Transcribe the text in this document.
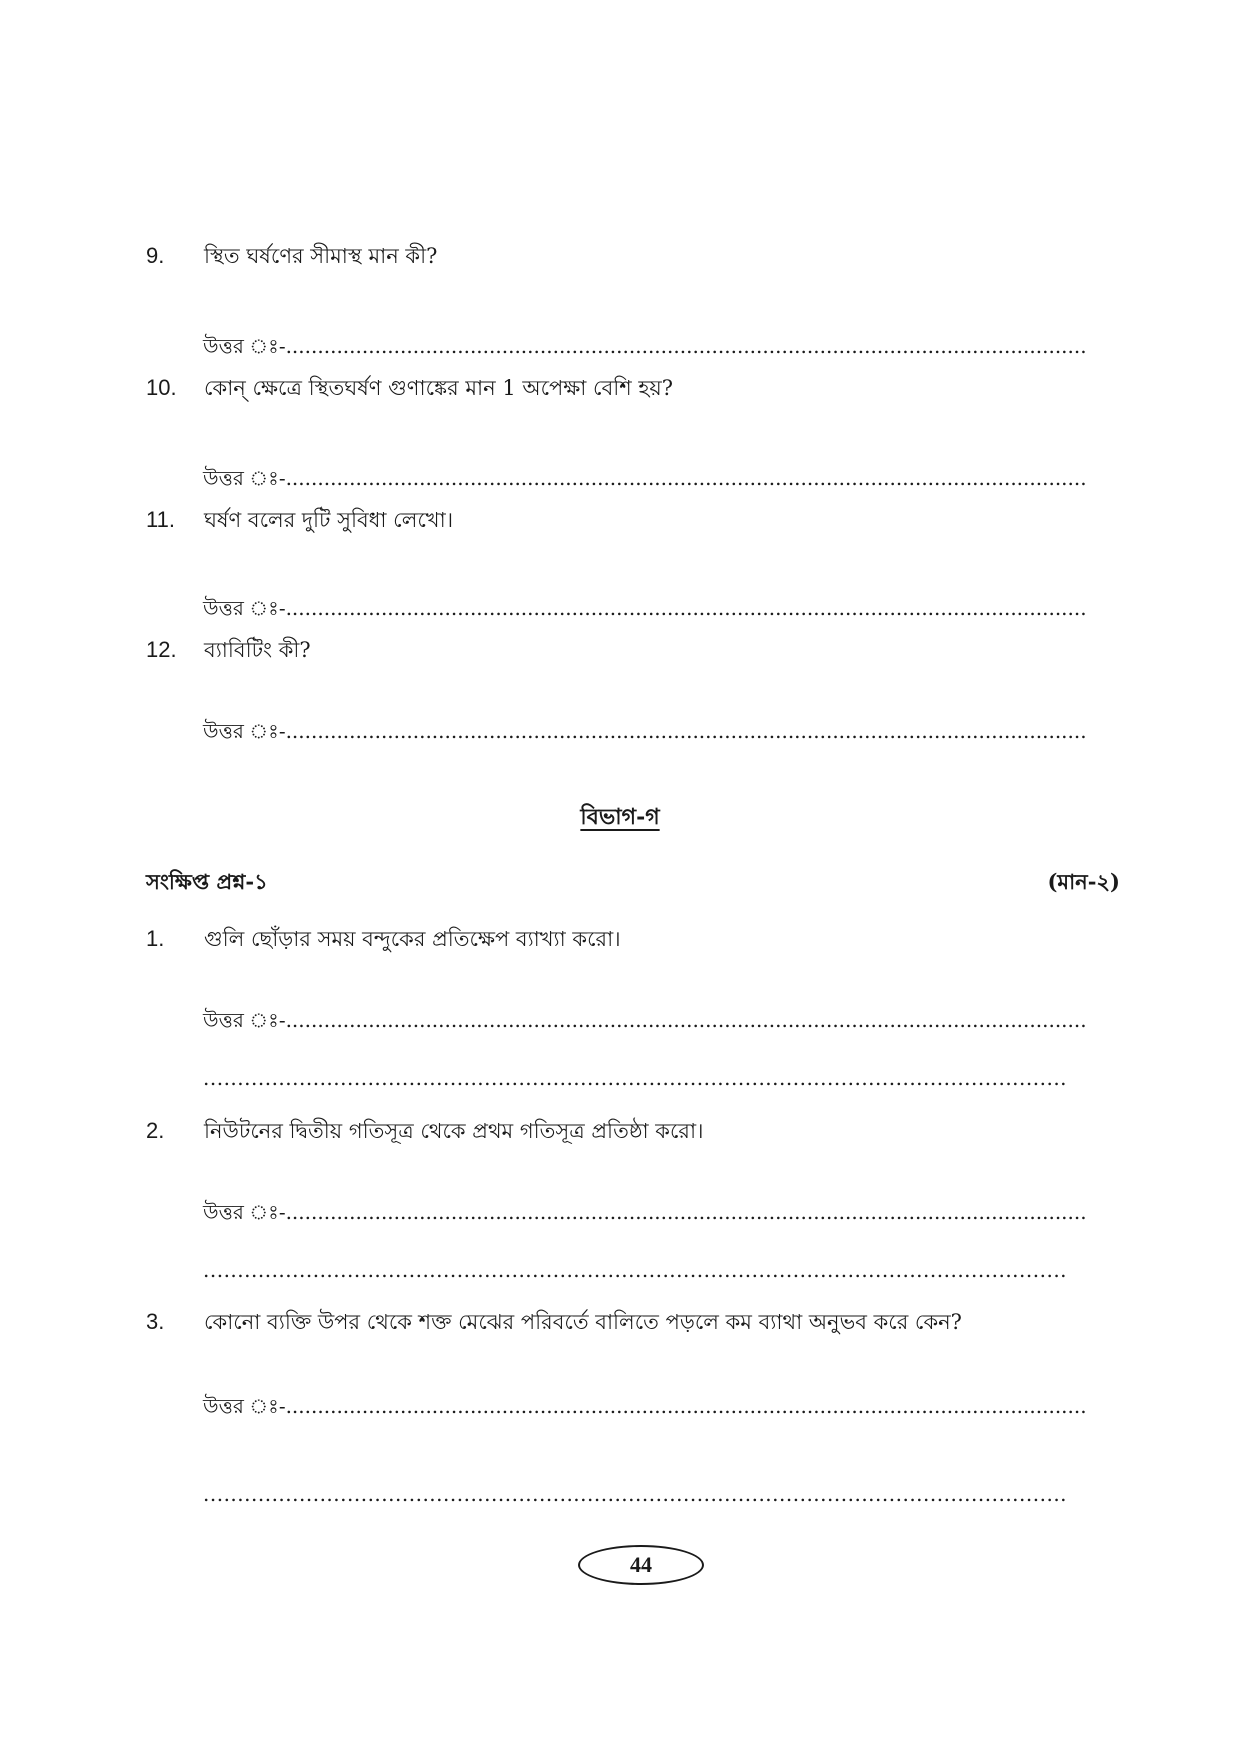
9.	স্থিত ঘর্ষণের সীমাস্থ মান কী?
উত্তর ঃ-..............................................................................................................................
10.	কোন্ ক্ষেত্রে স্থিতঘর্ষণ গুণাঙ্কের মান 1 অপেক্ষা বেশি হয়?
উত্তর ঃ-..............................................................................................................................
11.	ঘর্ষণ বলের দুটি সুবিধা লেখো।
উত্তর ঃ-..............................................................................................................................
12.	ব্যাবিটিং কী?
উত্তর ঃ-..............................................................................................................................
বিভাগ-গ
সংক্ষিপ্ত প্রশ্ন-১	(মান-২)
1.	গুলি ছোঁড়ার সময় বন্দুকের প্রতিক্ষেপ ব্যাখ্যা করো।
উত্তর ঃ-..............................................................................................................................
..............................................................................................................................
2.	নিউটনের দ্বিতীয় গতিসূত্র থেকে প্রথম গতিসূত্র প্রতিষ্ঠা করো।
উত্তর ঃ-..............................................................................................................................
..............................................................................................................................
3.	কোনো ব্যক্তি উপর থেকে শক্ত মেঝের পরিবর্তে বালিতে পড়লে কম ব্যাথা অনুভব করে কেন?
উত্তর ঃ-..............................................................................................................................
..............................................................................................................................
44
